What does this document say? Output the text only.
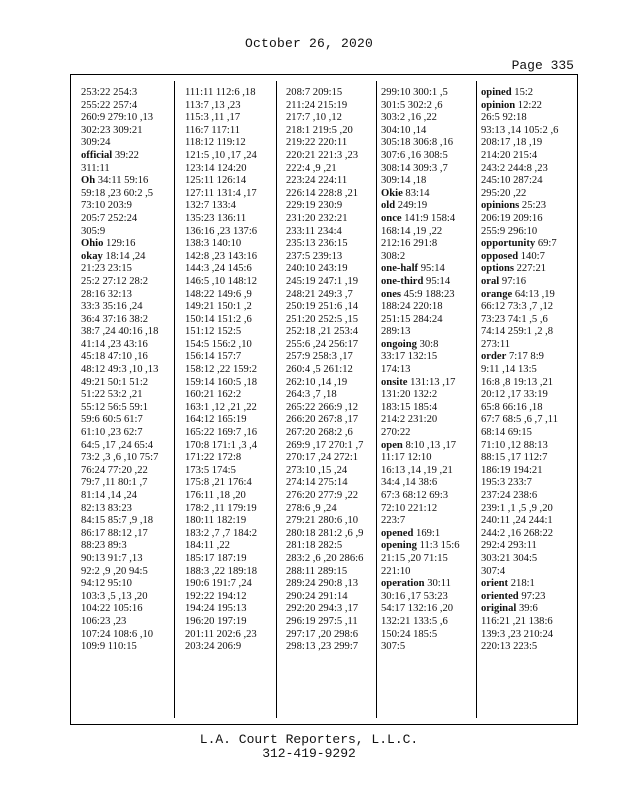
October 26, 2020
Page 335
253:22 254:3
255:22 257:4
260:9 279:10 ,13
302:23 309:21
309:24
official 39:22
311:11
Oh 34:11 59:16
59:18 ,23 60:2 ,5
73:10 203:9
205:7 252:24
305:9
Ohio 129:16
okay 18:14 ,24
21:23 23:15
25:2 27:12 28:2
28:16 32:13
33:3 35:16 ,24
36:4 37:16 38:2
38:7 ,24 40:16 ,18
41:14 ,23 43:16
45:18 47:10 ,16
48:12 49:3 ,10 ,13
49:21 50:1 51:2
51:22 53:2 ,21
55:12 56:5 59:1
59:6 60:5 61:7
61:10 ,23 62:7
64:5 ,17 ,24 65:4
73:2 ,3 ,6 ,10 75:7
76:24 77:20 ,22
79:7 ,11 80:1 ,7
81:14 ,14 ,24
82:13 83:23
84:15 85:7 ,9 ,18
86:17 88:12 ,17
88:23 89:3
90:13 91:7 ,13
92:2 ,9 ,20 94:5
94:12 95:10
103:3 ,5 ,13 ,20
104:22 105:16
106:23 ,23
107:24 108:6 ,10
109:9 110:15
111:11 112:6 ,18
113:7 ,13 ,23
115:3 ,11 ,17
116:7 117:11
118:12 119:12
121:5 ,10 ,17 ,24
123:14 124:20
125:11 126:14
127:11 131:4 ,17
132:7 133:4
135:23 136:11
136:16 ,23 137:6
138:3 140:10
142:8 ,23 143:16
144:3 ,24 145:6
146:5 ,10 148:12
148:22 149:6 ,9
149:21 150:1 ,2
150:14 151:2 ,6
151:12 152:5
154:5 156:2 ,10
156:14 157:7
158:12 ,22 159:2
159:14 160:5 ,18
160:21 162:2
163:1 ,12 ,21 ,22
164:12 165:19
165:22 169:7 ,16
170:8 171:1 ,3 ,4
171:22 172:8
173:5 174:5
175:8 ,21 176:4
176:11 ,18 ,20
178:2 ,11 179:19
180:11 182:19
183:2 ,7 ,7 184:2
184:11 ,22
185:17 187:19
188:3 ,22 189:18
190:6 191:7 ,24
192:22 194:12
194:24 195:13
196:20 197:19
201:11 202:6 ,23
203:24 206:9
208:7 209:15
211:24 215:19
217:7 ,10 ,12
218:1 219:5 ,20
219:22 220:11
220:21 221:3 ,23
222:4 ,9 ,21
223:24 224:11
226:14 228:8 ,21
229:19 230:9
231:20 232:21
233:11 234:4
235:13 236:15
237:5 239:13
240:10 243:19
245:19 247:1 ,19
248:21 249:3 ,7
250:19 251:6 ,14
251:20 252:5 ,15
252:18 ,21 253:4
255:6 ,24 256:17
257:9 258:3 ,17
260:4 ,5 261:12
262:10 ,14 ,19
264:3 ,7 ,18
265:22 266:9 ,12
266:20 267:8 ,17
267:20 268:2 ,6
269:9 ,17 270:1 ,7
270:17 ,24 272:1
273:10 ,15 ,24
274:14 275:14
276:20 277:9 ,22
278:6 ,9 ,24
279:21 280:6 ,10
280:18 281:2 ,6 ,9
281:18 282:5
283:2 ,6 ,20 286:6
288:11 289:15
289:24 290:8 ,13
290:24 291:14
292:20 294:3 ,17
296:19 297:5 ,11
297:17 ,20 298:6
298:13 ,23 299:7
299:10 300:1 ,5
301:5 302:2 ,6
303:2 ,16 ,22
304:10 ,14
305:18 306:8 ,16
307:6 ,16 308:5
308:14 309:3 ,7
309:14 ,18
Okie 83:14
old 249:19
once 141:9 158:4
168:14 ,19 ,22
212:16 291:8
308:2
one-half 95:14
one-third 95:14
ones 45:9 188:23
188:24 220:18
251:15 284:24
289:13
ongoing 30:8
33:17 132:15
174:13
onsite 131:13 ,17
131:20 132:2
183:15 185:4
214:2 231:20
270:22
open 8:10 ,13 ,17
11:17 12:10
16:13 ,14 ,19 ,21
34:4 ,14 38:6
67:3 68:12 69:3
72:10 221:12
223:7
opened 169:1
opening 11:3 15:6
21:15 ,20 71:15
221:10
operation 30:11
30:16 ,17 53:23
54:17 132:16 ,20
132:21 133:5 ,6
150:24 185:5
307:5
opined 15:2
opinion 12:22
26:5 92:18
93:13 ,14 105:2 ,6
208:17 ,18 ,19
214:20 215:4
243:2 244:8 ,23
245:10 287:24
295:20 ,22
opinions 25:23
206:19 209:16
255:9 296:10
opportunity 69:7
opposed 140:7
options 227:21
oral 97:16
orange 64:13 ,19
66:12 73:3 ,7 ,12
73:23 74:1 ,5 ,6
74:14 259:1 ,2 ,8
273:11
order 7:17 8:9
9:11 ,14 13:5
16:8 ,8 19:13 ,21
20:12 ,17 33:19
65:8 66:16 ,18
67:7 68:5 ,6 ,7 ,11
68:14 69:15
71:10 ,12 88:13
88:15 ,17 112:7
186:19 194:21
195:3 233:7
237:24 238:6
239:1 ,1 ,5 ,9 ,20
240:11 ,24 244:1
244:2 ,16 268:22
292:4 293:11
303:21 304:5
307:4
orient 218:1
oriented 97:23
original 39:6
116:21 ,21 138:6
139:3 ,23 210:24
220:13 223:5
L.A. Court Reporters, L.L.C.
312-419-9292
